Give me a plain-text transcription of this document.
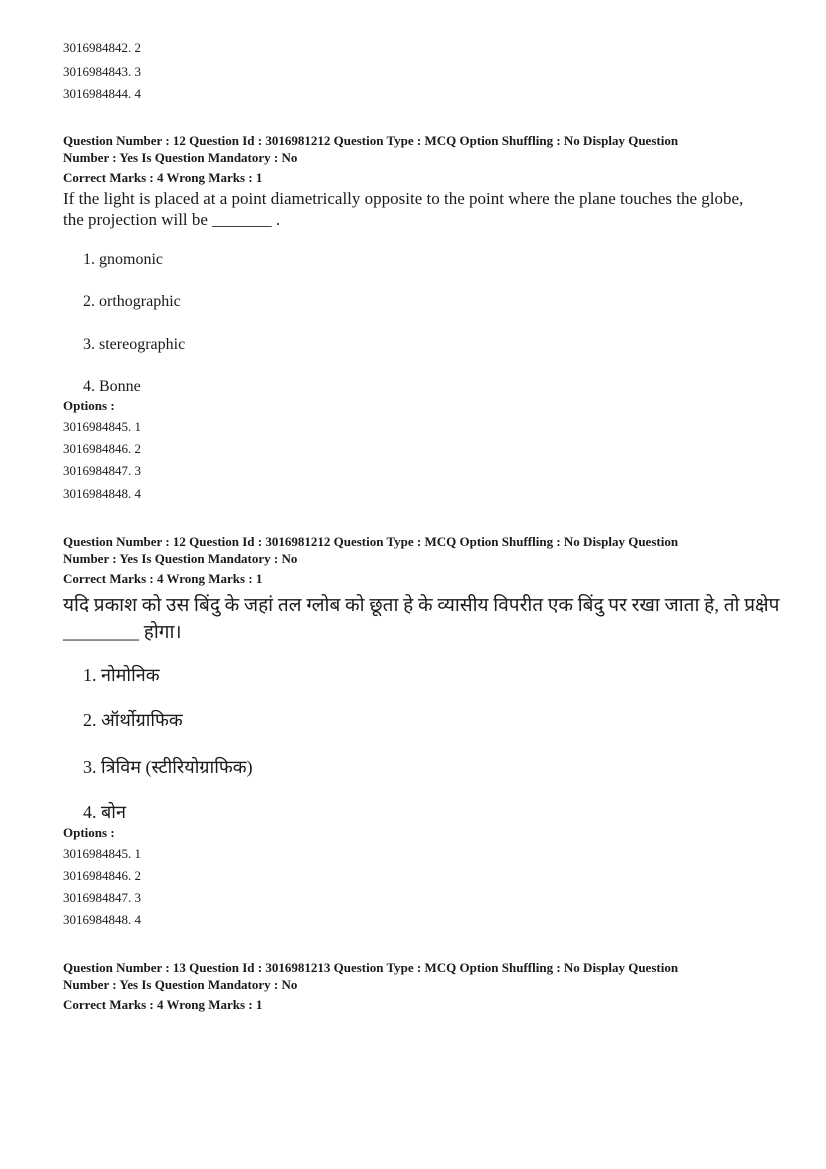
3016984842. 2
3016984843. 3
3016984844. 4
Question Number : 12 Question Id : 3016981212 Question Type : MCQ Option Shuffling : No Display Question
Number : Yes Is Question Mandatory : No
Correct Marks : 4 Wrong Marks : 1
If the light is placed at a point diametrically opposite to the point where the plane touches the globe, the projection will be _______ .
1. gnomonic
2. orthographic
3. stereographic
4. Bonne
Options :
3016984845. 1
3016984846. 2
3016984847. 3
3016984848. 4
Question Number : 12 Question Id : 3016981212 Question Type : MCQ Option Shuffling : No Display Question
Number : Yes Is Question Mandatory : No
Correct Marks : 4 Wrong Marks : 1
यदि प्रकाश को उस बिंदु के जहां तल ग्लोब को छूता हे के व्यासीय विपरीत एक बिंदु पर रखा जाता हे, तो प्रक्षेप ________ होगा।
1. नोमोनिक
2. ऑर्थोग्राफिक
3. त्रिविम (स्टीरियोग्राफिक)
4. बोन
Options :
3016984845. 1
3016984846. 2
3016984847. 3
3016984848. 4
Question Number : 13 Question Id : 3016981213 Question Type : MCQ Option Shuffling : No Display Question
Number : Yes Is Question Mandatory : No
Correct Marks : 4 Wrong Marks : 1
